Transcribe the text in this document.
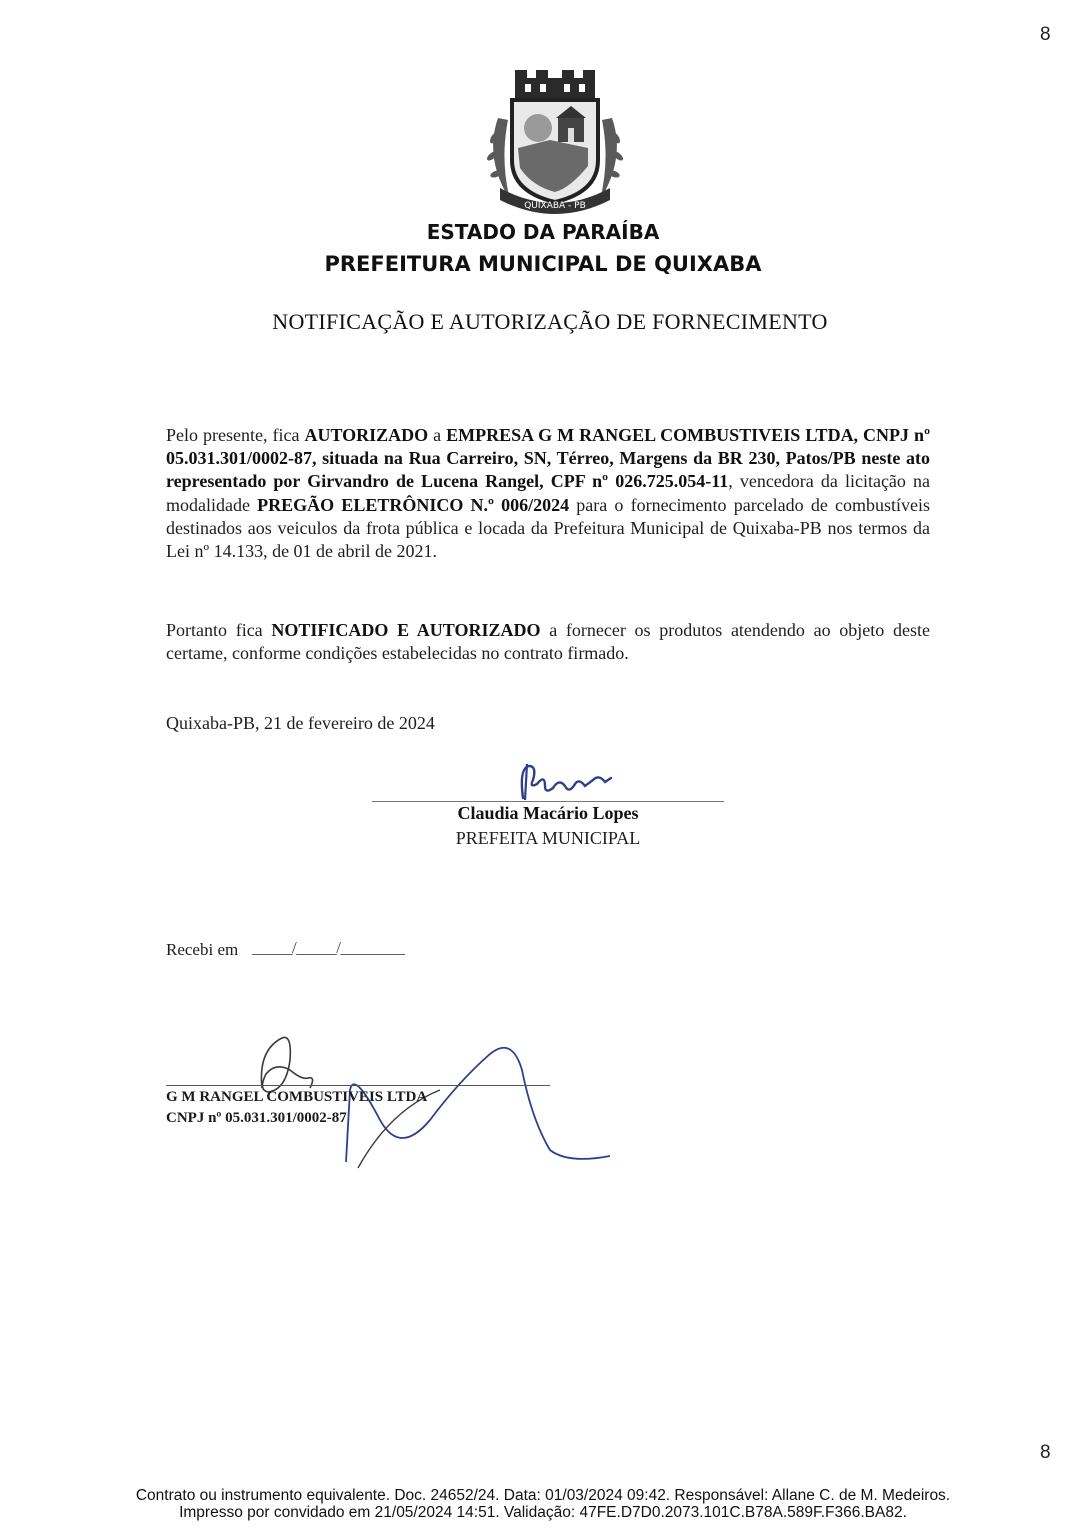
8
QUIXABA - PB
ESTADO DA PARAÍBA
PREFEITURA MUNICIPAL DE QUIXABA
NOTIFICAÇÃO E AUTORIZAÇÃO DE FORNECIMENTO
Pelo presente, fica AUTORIZADO a EMPRESA G M RANGEL COMBUSTIVEIS LTDA, CNPJ nº 05.031.301/0002-87, situada na Rua Carreiro, SN, Térreo, Margens da BR 230, Patos/PB neste ato representado por Girvandro de Lucena Rangel, CPF nº 026.725.054-11, vencedora da licitação na modalidade PREGÃO ELETRÔNICO N.º 006/2024 para o fornecimento parcelado de combustíveis destinados aos veiculos da frota pública e locada da Prefeitura Municipal de Quixaba-PB nos termos da Lei nº 14.133, de 01 de abril de 2021.
Portanto fica NOTIFICADO E AUTORIZADO a fornecer os produtos atendendo ao objeto deste certame, conforme condições estabelecidas no contrato firmado.
Quixaba-PB, 21 de fevereiro de 2024
Claudia Macário Lopes
PREFEITA MUNICIPAL
Recebi em _____/_____/________
G M RANGEL COMBUSTIVEIS LTDA
CNPJ nº 05.031.301/0002-87
8
Contrato ou instrumento equivalente. Doc. 24652/24. Data: 01/03/2024 09:42. Responsável: Allane C. de M. Medeiros.
Impresso por convidado em 21/05/2024 14:51. Validação: 47FE.D7D0.2073.101C.B78A.589F.F366.BA82.
